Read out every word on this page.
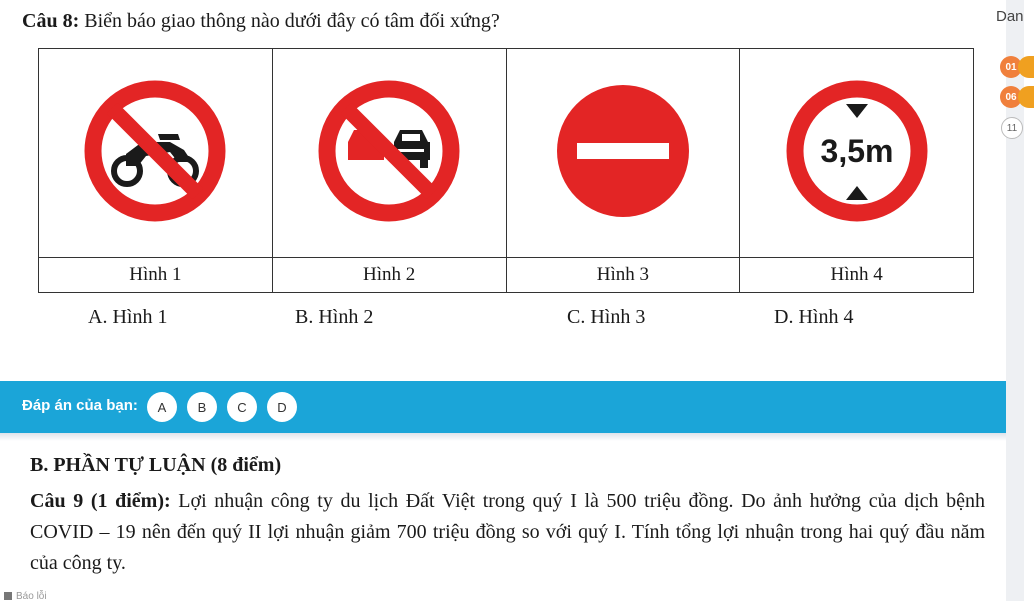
Câu 8: Biển báo giao thông nào dưới đây có tâm đối xứng?

3,5m

Hình 1	Hình 2	Hình 3	Hình 4
A. Hình 1	B. Hình 2	C. Hình 3	D. Hình 4
Đáp án của bạn:	A	B	C	D
B. PHẦN TỰ LUẬN (8 điểm)
Câu 9 (1 điểm): Lợi nhuận công ty du lịch Đất Việt trong quý I là 500 triệu đồng. Do ảnh hưởng của dịch bệnh COVID – 19 nên đến quý II lợi nhuận giảm 700 triệu đồng so với quý I. Tính tổng lợi nhuận trong hai quý đầu năm của công ty.
Báo lỗi
Dan
01
06
11
